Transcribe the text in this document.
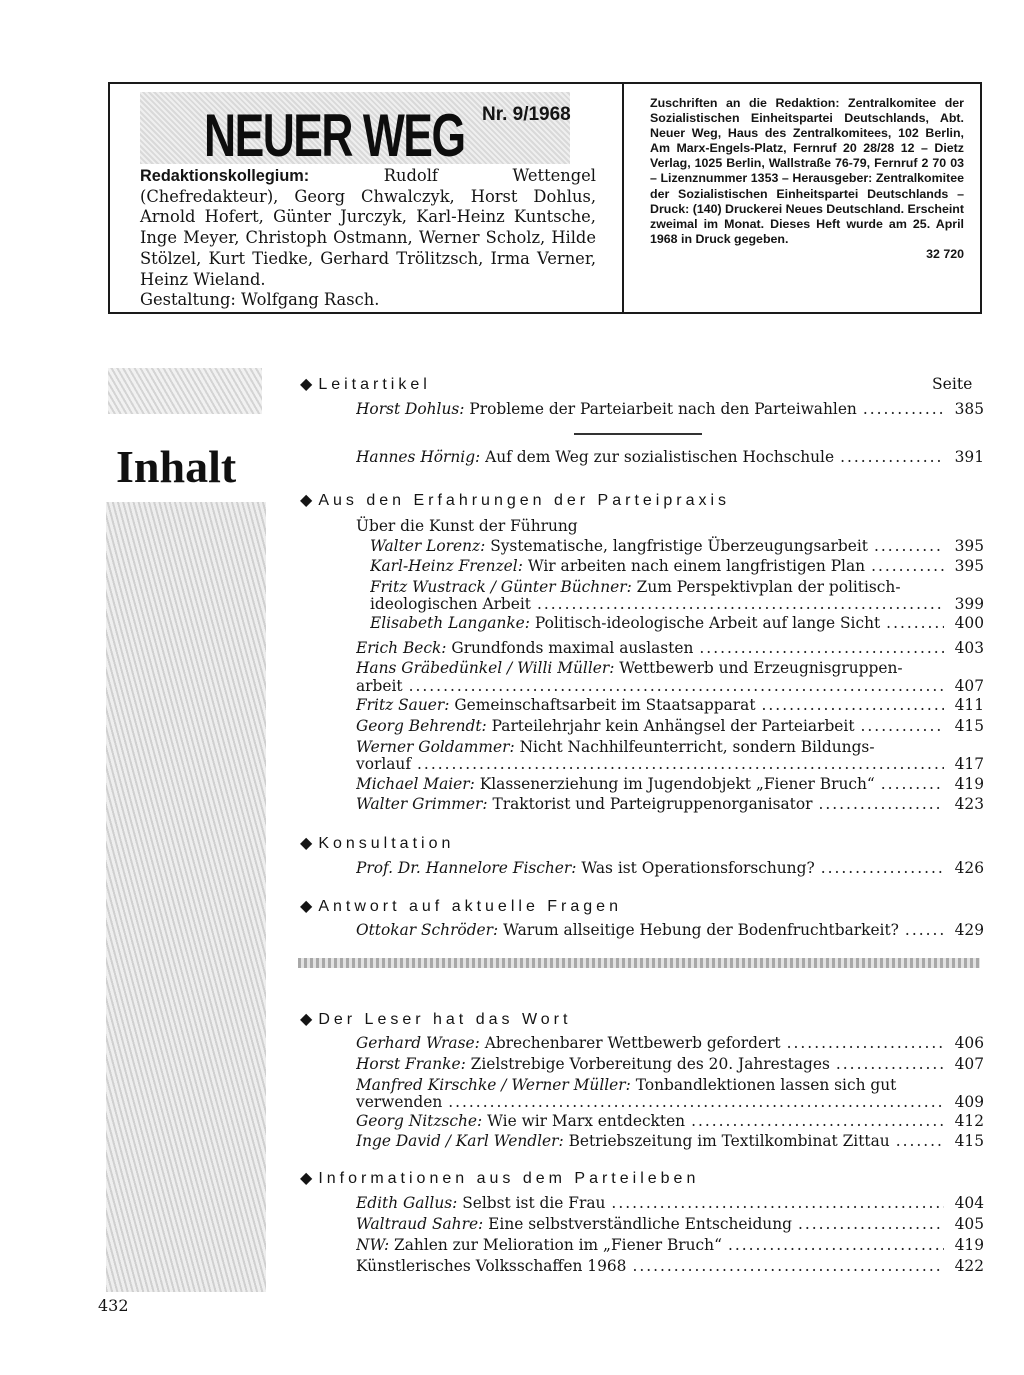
NEUER WEG Nr. 9/1968
Redaktionskollegium:	Rudolf Wettengel (Chefredakteur), Georg Chwalczyk, Horst Dohlus, Arnold Hofert, Günter Jurczyk, Karl-Heinz Kuntsche, Inge Meyer, Christoph Ostmann, Werner Scholz, Hilde Stölzel, Kurt Tiedke, Gerhard Trölitzsch, Irma Verner, Heinz Wieland.
Gestaltung: Wolfgang Rasch.
Zuschriften an die Redaktion: Zentralkomitee der Sozialistischen Einheitspartei Deutschlands, Abt. Neuer Weg, Haus des Zentralkomitees, 102 Berlin, Am Marx-Engels-Platz, Fernruf 20 28/28 12 – Dietz Verlag, 1025 Berlin, Wallstraße 76-79, Fernruf 2 70 03 – Lizenznummer 1353 – Herausgeber: Zentralkomitee der Sozialistischen Einheitspartei Deutschlands – Druck: (140) Druckerei Neues Deutschland. Erscheint zweimal im Monat. Dieses Heft wurde am 25. April 1968 in Druck gegeben.
32 720
Inhalt
Seite
◆Leitartikel
Horst Dohlus:
Probleme der Parteiarbeit nach den Parteiwahlen .....	385
Hannes Hörnig:
Auf dem Weg zur sozialistischen Hochschule .....	391
◆Aus den Erfahrungen der Parteipraxis
Über die Kunst der Führung
Walter Lorenz:
Systematische, langfristige Überzeugungsarbeit .....	395
Karl-Heinz Frenzel:
Wir arbeiten nach einem langfristigen Plan .....	395
Fritz Wustrack / Günter Büchner:
Zum Perspektivplan der politisch-
ideologischen Arbeit .....	399
Elisabeth Langanke:
Politisch-ideologische Arbeit auf lange Sicht .....	400
Erich Beck:
Grundfonds maximal auslasten .....	403
Hans Gräbedünkel / Willi Müller:
Wettbewerb und Erzeugnisgruppen-
arbeit .....	407
Fritz Sauer:
Gemeinschaftsarbeit im Staatsapparat .....	411
Georg Behrendt:
Parteilehrjahr kein Anhängsel der Parteiarbeit .....	415
Werner Goldammer:
Nicht Nachhilfeunterricht, sondern Bildungs-
vorlauf .....	417
Michael Maier:
Klassenerziehung im Jugendobjekt „Fiener Bruch“ .....	419
Walter Grimmer:
Traktorist und Parteigruppenorganisator .....	423
◆Konsultation
Prof. Dr. Hannelore Fischer:
Was ist Operationsforschung? .....	426
◆Antwort auf aktuelle Fragen
Ottokar Schröder:
Warum allseitige Hebung der Bodenfruchtbarkeit? .....	429
◆Der Leser hat das Wort
Gerhard Wrase:
Abrechenbarer Wettbewerb gefordert .....	406
Horst Franke:
Zielstrebige Vorbereitung des 20. Jahrestages .....	407
Manfred Kirschke / Werner Müller:
Tonbandlektionen lassen sich gut
verwenden .....	409
Georg Nitzsche:
Wie wir Marx entdeckten .....	412
Inge David / Karl Wendler:
Betriebszeitung im Textilkombinat Zittau .....	415
◆Informationen aus dem Parteileben
Edith Gallus:
Selbst ist die Frau .....	404
Waltraud Sahre:
Eine selbstverständliche Entscheidung .....	405
NW:
Zahlen zur Melioration im „Fiener Bruch“ .....	419
Künstlerisches Volksschaffen 1968 .....	422
432
